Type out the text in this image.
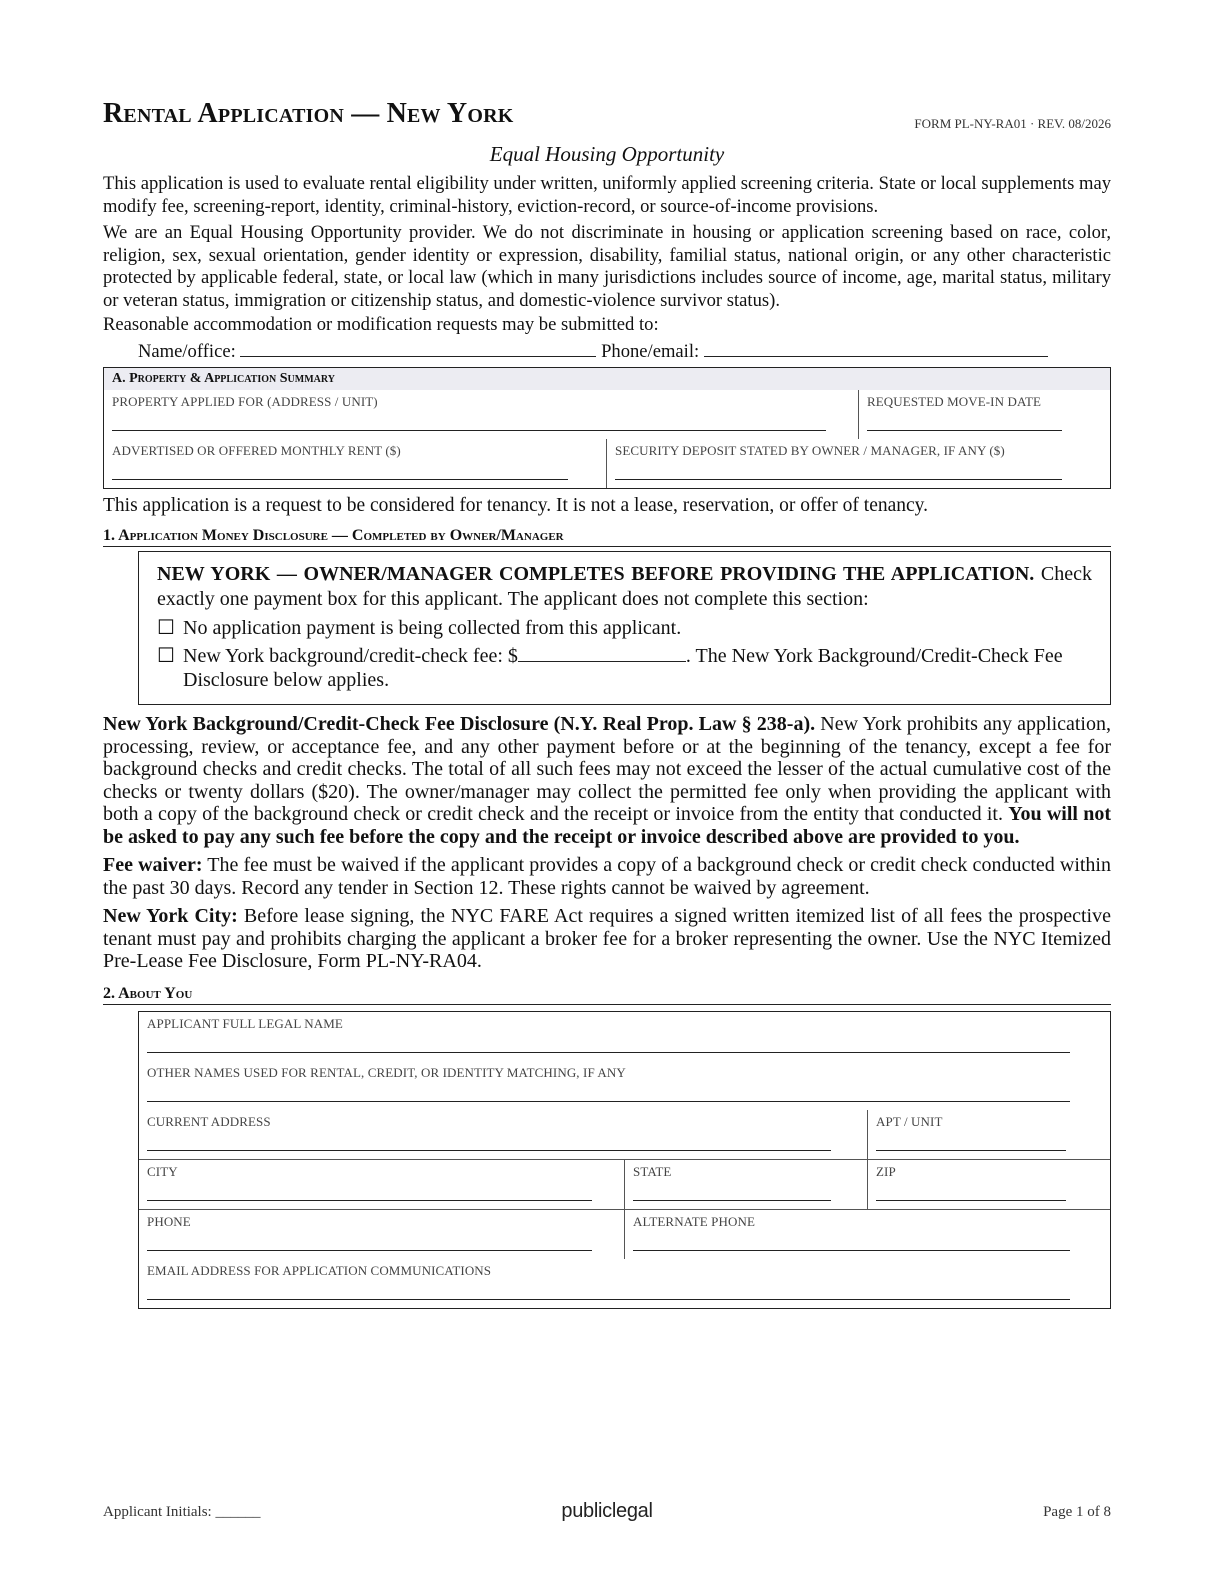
Rental Application — New York	FORM PL-NY-RA01 · REV. 08/2026
Equal Housing Opportunity

This application is used to evaluate rental eligibility under written, uniformly applied screening criteria. State or local supplements may modify fee, screening-report, identity, criminal-history, eviction-record, or source-of-income provisions.

We are an Equal Housing Opportunity provider. We do not discriminate in housing or application screening based on race, color, religion, sex, sexual orientation, gender identity or expression, disability, familial status, national origin, or any other characteristic protected by applicable federal, state, or local law (which in many jurisdictions includes source of income, age, marital status, military or veteran status, immigration or citizenship status, and domestic-violence survivor status).

Reasonable accommodation or modification requests may be submitted to:

Name/office:	Phone/email:
A. Property & Application Summary
PROPERTY APPLIED FOR (ADDRESS / UNIT)	REQUESTED MOVE-IN DATE
ADVERTISED OR OFFERED MONTHLY RENT ($)	SECURITY DEPOSIT STATED BY OWNER / MANAGER, IF ANY ($)

This application is a request to be considered for tenancy. It is not a lease, reservation, or offer of tenancy.

1. Application Money Disclosure — Completed by Owner/Manager

NEW YORK — OWNER/MANAGER COMPLETES BEFORE PROVIDING THE APPLICATION. Check exactly one payment box for this applicant. The applicant does not complete this section:

☐ No application payment is being collected from this applicant.
☐ New York background/credit-check fee: $	. The New York Background/Credit-Check Fee Disclosure below applies.

New York Background/Credit-Check Fee Disclosure (N.Y. Real Prop. Law § 238-a). New York prohibits any application, processing, review, or acceptance fee, and any other payment before or at the beginning of the tenancy, except a fee for background checks and credit checks. The total of all such fees may not exceed the lesser of the actual cumulative cost of the checks or twenty dollars ($20). The owner/manager may collect the permitted fee only when providing the applicant with both a copy of the background check or credit check and the receipt or invoice from the entity that conducted it. You will not be asked to pay any such fee before the copy and the receipt or invoice described above are provided to you.

Fee waiver: The fee must be waived if the applicant provides a copy of a background check or credit check conducted within the past 30 days. Record any tender in Section 12. These rights cannot be waived by agreement.

New York City: Before lease signing, the NYC FARE Act requires a signed written itemized list of all fees the prospective tenant must pay and prohibits charging the applicant a broker fee for a broker representing the owner. Use the NYC Itemized Pre-Lease Fee Disclosure, Form PL-NY-RA04.

2. About You
APPLICANT FULL LEGAL NAME
OTHER NAMES USED FOR RENTAL, CREDIT, OR IDENTITY MATCHING, IF ANY
CURRENT ADDRESS	APT / UNIT
CITY	STATE	ZIP
PHONE	ALTERNATE PHONE
EMAIL ADDRESS FOR APPLICATION COMMUNICATIONS
Applicant Initials: ______	publiclegal	Page 1 of 8
